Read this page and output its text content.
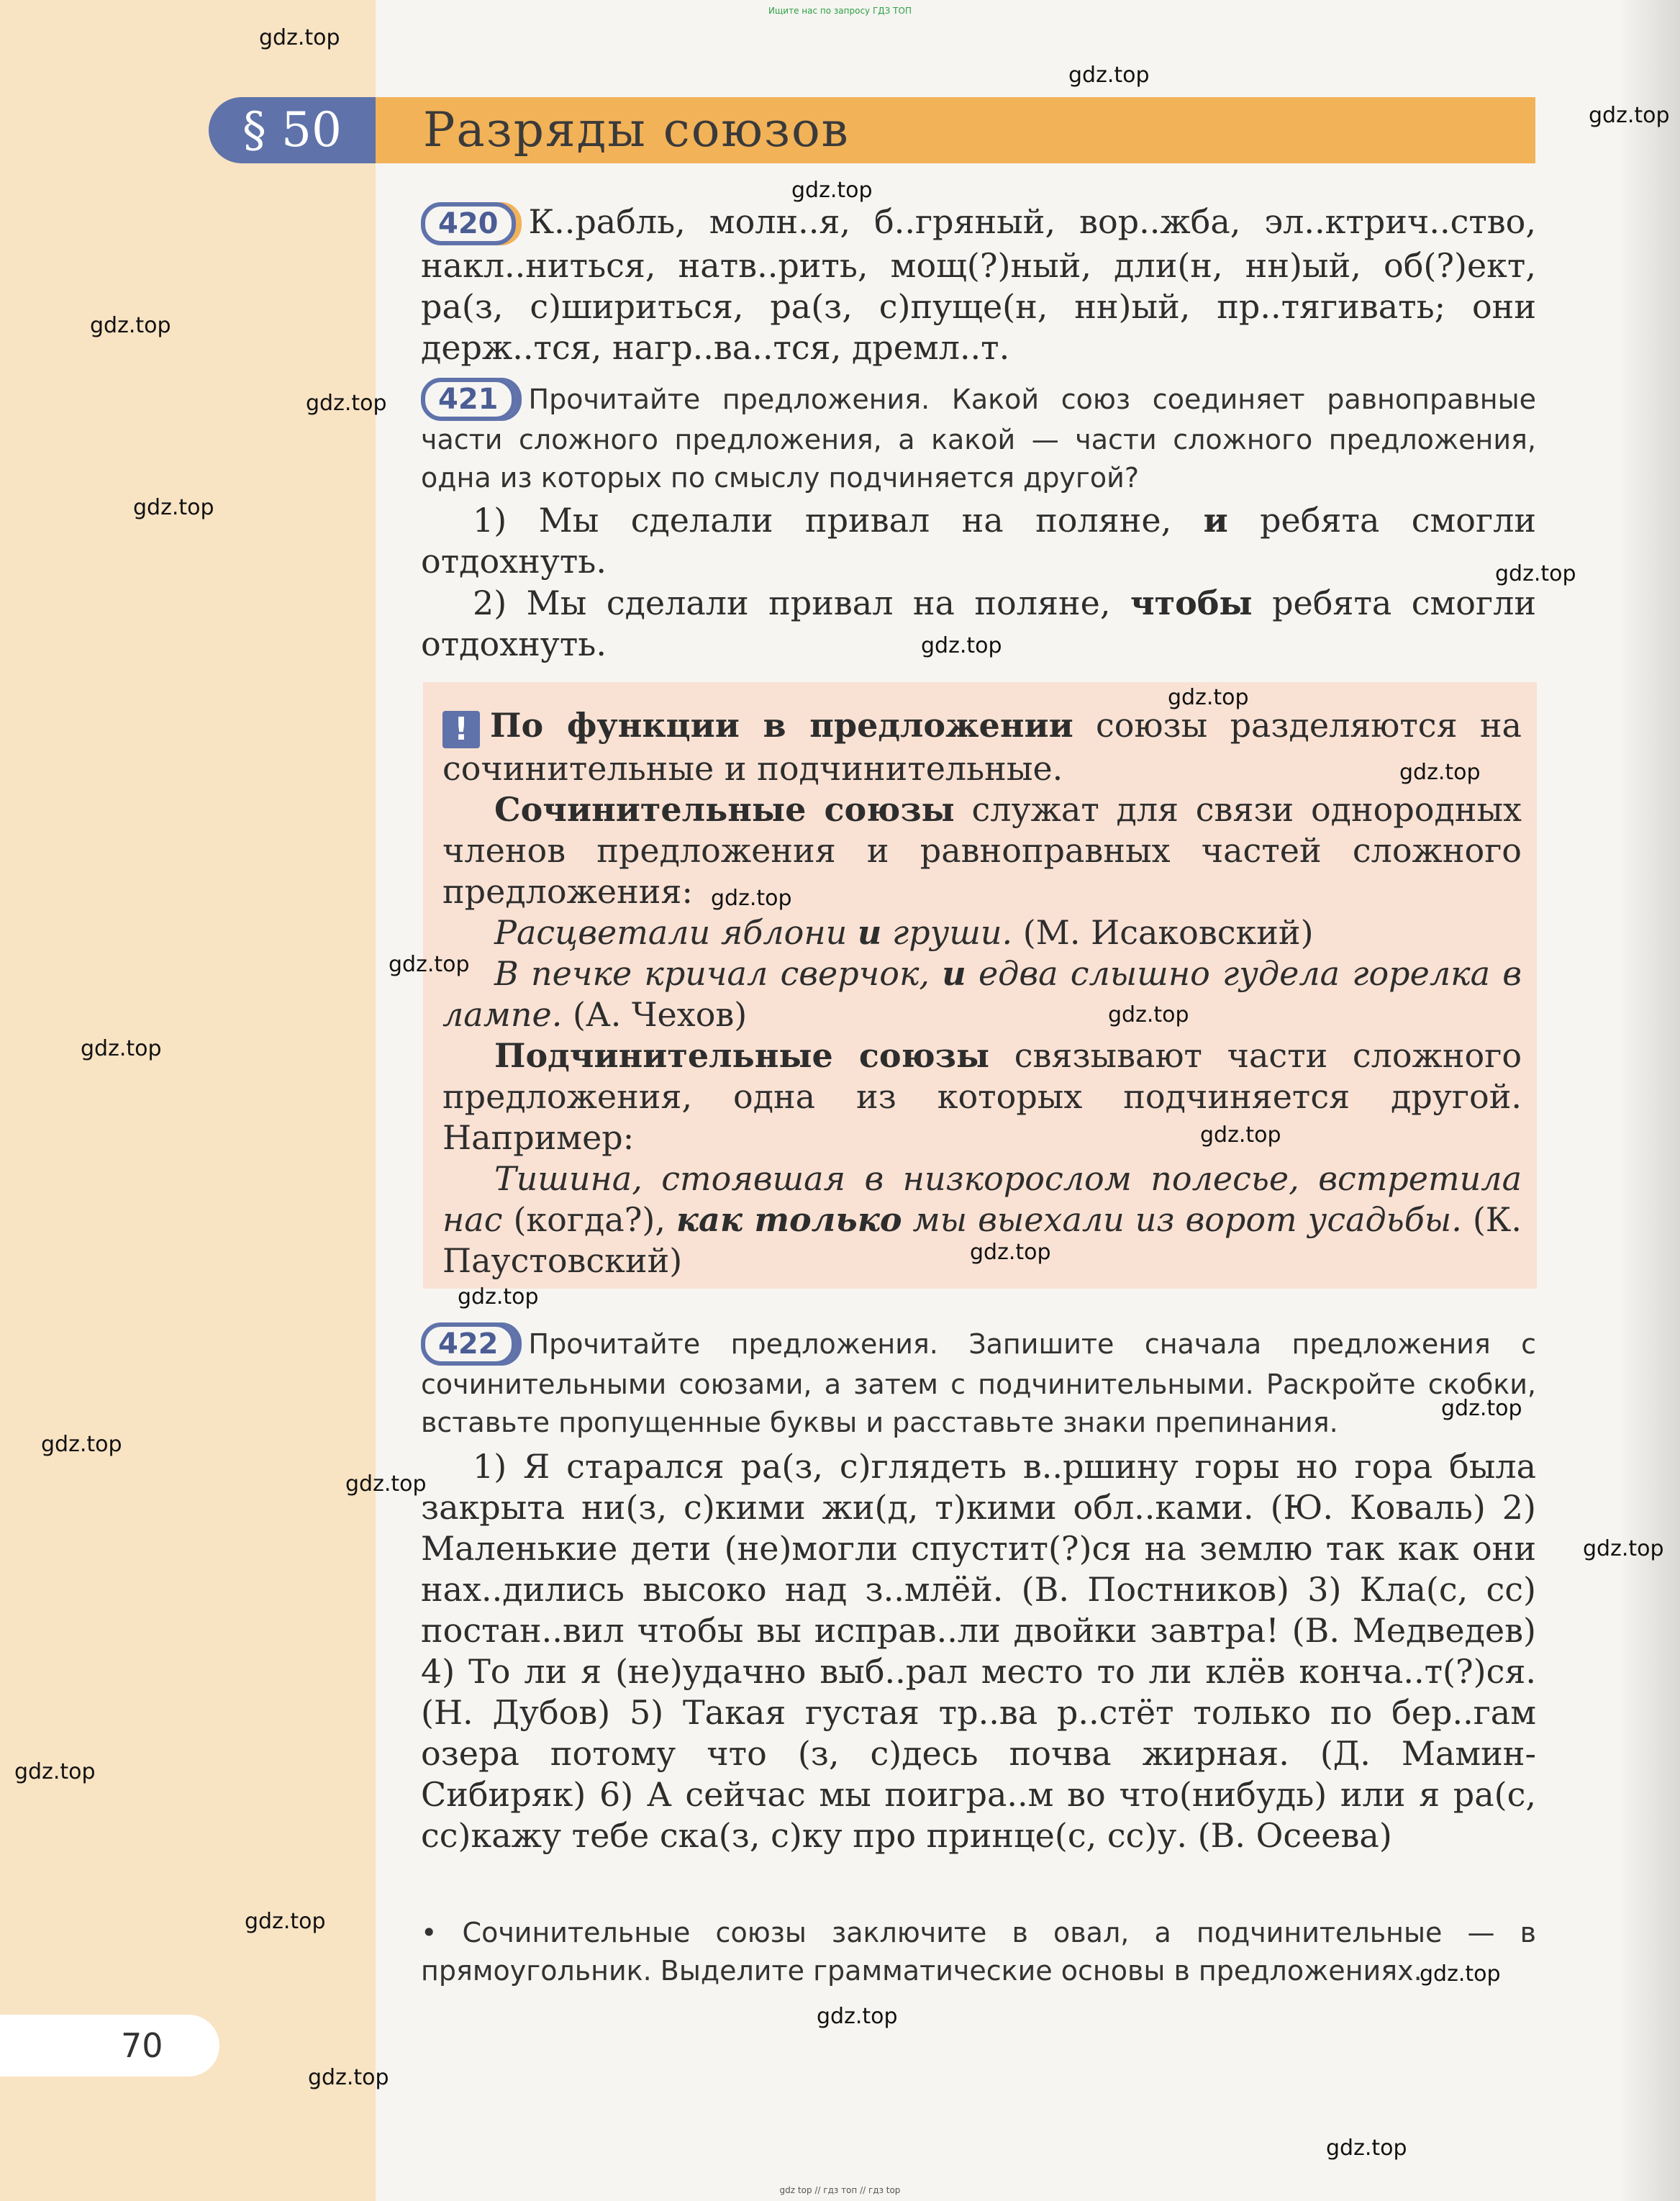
Ищите нас по запросу ГДЗ ТОП
§ 50	Разряды союзов
420 К..рабль, молн..я, б..гряный, вор..жба, эл..ктрич..ство, накл..ниться, натв..рить, мощ(?)ный, дли(н, нн)ый, об(?)ект, ра(з, с)шириться, ра(з, с)пуще(н, нн)ый, пр..тягивать; они держ..тся, нагр..ва..тся, дремл..т.
421 Прочитайте предложения. Какой союз соединяет равноправные части сложного предложения, а какой — части сложного предложения, одна из которых по смыслу подчиняется другой?
1) Мы сделали привал на поляне, и ребята смогли отдохнуть.
2) Мы сделали привал на поляне, чтобы ребята смогли отдохнуть.
! По функции в предложении союзы разделяются на сочинительные и подчинительные.
Сочинительные союзы служат для связи однородных членов предложения и равноправных частей сложного предложения:
Расцветали яблони и груши. (М. Исаковский)
В печке кричал сверчок, и едва слышно гудела горелка в лампе. (А. Чехов)
Подчинительные союзы связывают части сложного предложения, одна из которых подчиняется другой. Например:
Тишина, стоявшая в низкорослом полесье, встретила нас (когда?), как только мы выехали из ворот усадьбы. (К. Паустовский)
422 Прочитайте предложения. Запишите сначала предложения с сочинительными союзами, а затем с подчинительными. Раскройте скобки, вставьте пропущенные буквы и расставьте знаки препинания.
1) Я старался ра(з, с)глядеть в..ршину горы но гора была закрыта ни(з, с)кими жи(д, т)кими обл..ками. (Ю. Коваль) 2) Маленькие дети (не)могли спустит(?)ся на землю так как они нах..дились высоко над з..млёй. (В. Постников) 3) Кла(с, сс) постан..вил чтобы вы исправ..ли двойки завтра! (В. Медведев) 4) То ли я (не)удачно выб..рал место то ли клёв конча..т(?)ся. (Н. Дубов) 5) Такая густая тр..ва р..стёт только по бер..гам озера потому что (з, с)десь почва жирная. (Д. Мамин-Сибиряк) 6) А сейчас мы поигра..м во что(нибудь) или я ра(с, сс)кажу тебе ска(з, с)ку про принце(с, сс)у. (В. Осеева)
• Сочинительные союзы заключите в овал, а подчинительные — в прямоугольник. Выделите грамматические основы в предложениях.
70
gdz.top
gdz.top
gdz.top
gdz.top
gdz.top
gdz.top
gdz.top
gdz.top
gdz.top
gdz.top
gdz.top
gdz.top
gdz.top
gdz.top
gdz.top
gdz.top
gdz.top
gdz.top
gdz.top
gdz.top
gdz.top
gdz.top
gdz.top
gdz.top
gdz.top
gdz.top
gdz.top
gdz.top
gdz top // гдз топ // гдз top
